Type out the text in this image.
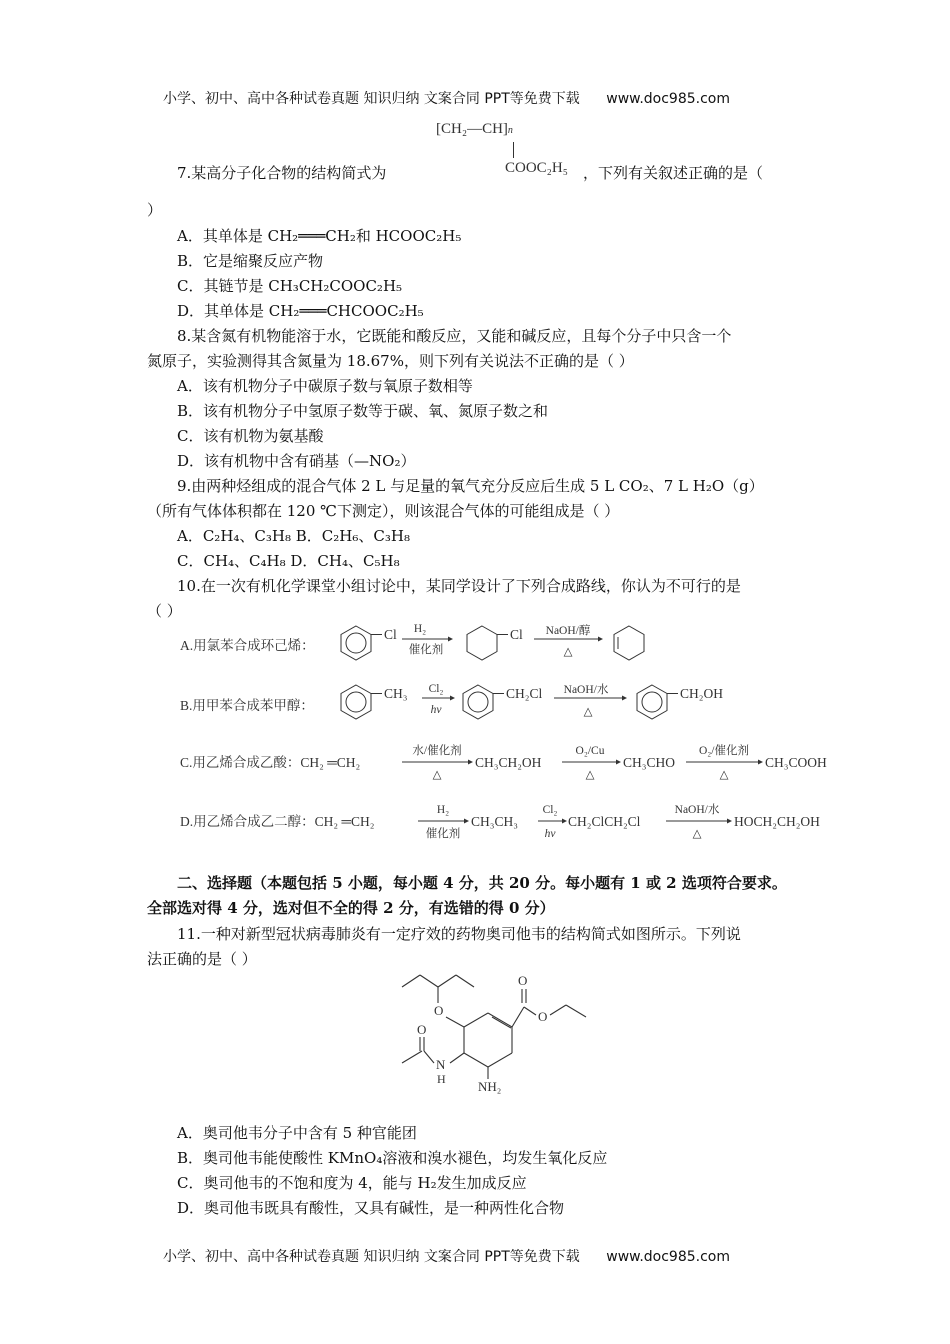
小学、初中、高中各种试卷真题 知识归纳 文案合同 PPT等免费下载 www.doc985.com
[CH₂—CH]n
COOC₂H₅
7.某高分子化合物的结构简式为	，下列有关叙述正确的是（
）
A．其单体是 CH₂═══CH₂和 HCOOC₂H₅
B．它是缩聚反应产物
C．其链节是 CH₃CH₂COOC₂H₅
D．其单体是 CH₂═══CHCOOC₂H₅
8.某含氮有机物能溶于水，它既能和酸反应，又能和碱反应，且每个分子中只含一个
氮原子，实验测得其含氮量为 18.67%，则下列有关说法不正确的是（ ）
A．该有机物分子中碳原子数与氧原子数相等
B．该有机物分子中氢原子数等于碳、氧、氮原子数之和
C．该有机物为氨基酸
D．该有机物中含有硝基（—NO₂）
9.由两种烃组成的混合气体 2 L 与足量的氧气充分反应后生成 5 L CO₂、7 L H₂O（g）
（所有气体体积都在 120 ℃下测定），则该混合气体的可能组成是（ ）
A．C₂H₄、C₃H₈ B．C₂H₆、C₃H₈
C．CH₄、C₄H₈ D．CH₄、C₅H₈
10.在一次有机化学课堂小组讨论中，某同学设计了下列合成路线，你认为不可行的是
（ ）
A.用氯苯合成环己烯：
Cl H₂
催化剂
Cl NaOH/醇
△
B.用甲苯合成苯甲醇：
CH₃ Cl₂
hν
CH₂Cl NaOH/水
△
CH₂OH
C.用乙烯合成乙酸：CH₂ ═CH₂
水/催化剂
△
CH₃CH₂OH
O₂/Cu
△
CH₃CHO
O₂/催化剂
△
CH₃COOH
D.用乙烯合成乙二醇：CH₂ ═CH₂
H₂
催化剂
CH₃CH₃
Cl₂
hν
CH₂ClCH₂Cl
NaOH/水
△
HOCH₂CH₂OH
二、选择题（本题包括 5 小题，每小题 4 分，共 20 分。每小题有 1 或 2 选项符合要求。
全部选对得 4 分，选对但不全的得 2 分，有选错的得 0 分）
11.一种对新型冠状病毒肺炎有一定疗效的药物奥司他韦的结构简式如图所示。下列说
法正确的是（ ）
O
O
O
O
N
H NH₂
A．奥司他韦分子中含有 5 种官能团
B．奥司他韦能使酸性 KMnO₄溶液和溴水褪色，均发生氧化反应
C．奥司他韦的不饱和度为 4，能与 H₂发生加成反应
D．奥司他韦既具有酸性，又具有碱性，是一种两性化合物
小学、初中、高中各种试卷真题 知识归纳 文案合同 PPT等免费下载 www.doc985.com
